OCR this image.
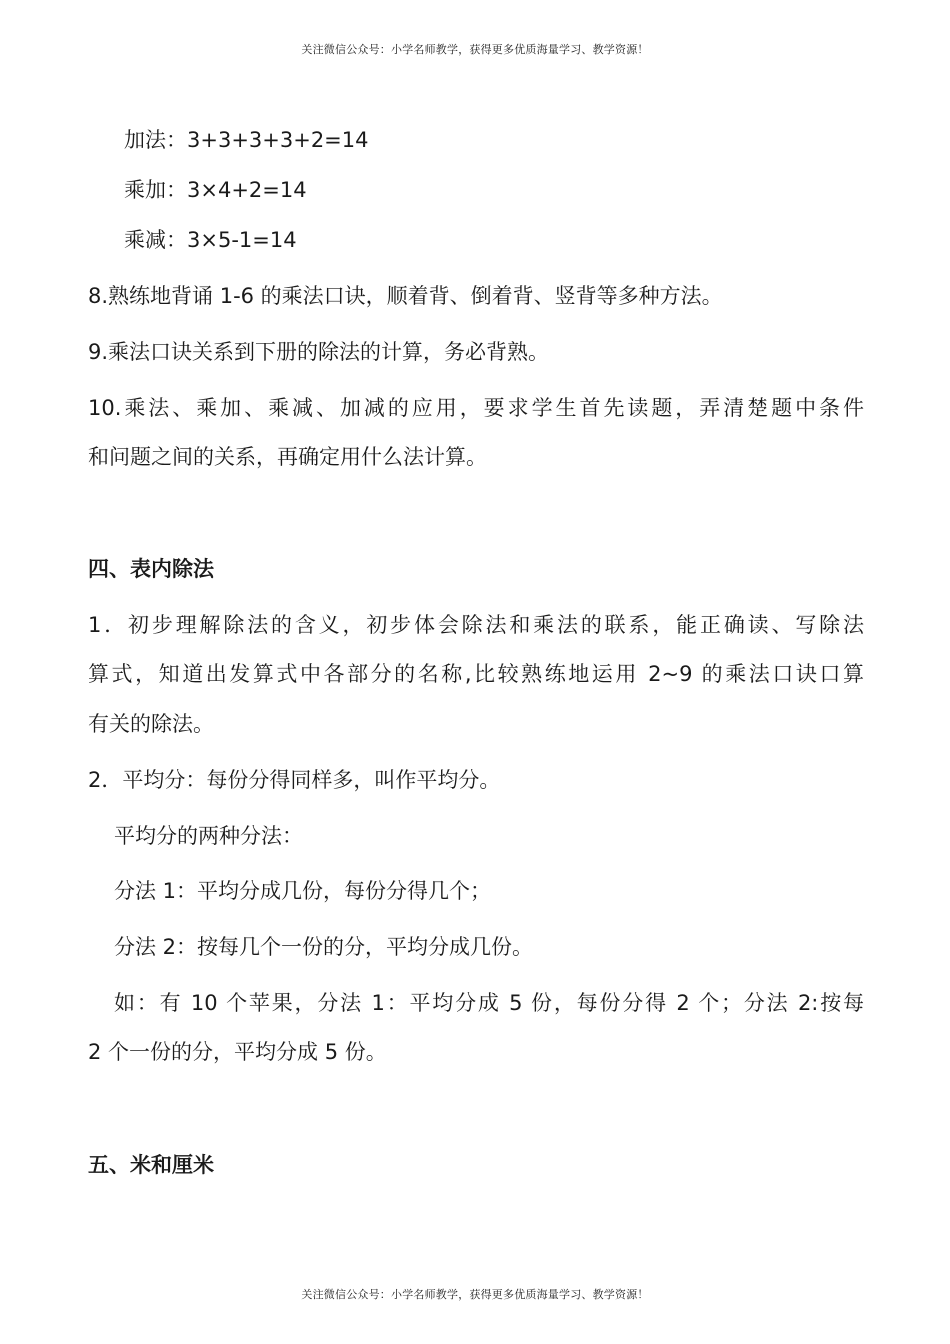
关注微信公众号：小学名师教学，获得更多优质海量学习、教学资源！
加法：3+3+3+3+2=14
乘加：3×4+2=14
乘减：3×5-1=14
8.熟练地背诵 1-6 的乘法口诀，顺着背、倒着背、竖背等多种方法。
9.乘法口诀关系到下册的除法的计算，务必背熟。
10.乘法、乘加、乘减、加减的应用，要求学生首先读题，弄清楚题中条件
和问题之间的关系，再确定用什么法计算。
四、表内除法
1．初步理解除法的含义，初步体会除法和乘法的联系，能正确读、写除法
算式，知道出发算式中各部分的名称,比较熟练地运用 2~9 的乘法口诀口算
有关的除法。
2．平均分：每份分得同样多，叫作平均分。
平均分的两种分法：
分法 1：平均分成几份，每份分得几个；
分法 2：按每几个一份的分，平均分成几份。
如：有 10 个苹果，分法 1：平均分成 5 份，每份分得 2 个；分法 2:按每
2 个一份的分，平均分成 5 份。
五、米和厘米
关注微信公众号：小学名师教学，获得更多优质海量学习、教学资源！
